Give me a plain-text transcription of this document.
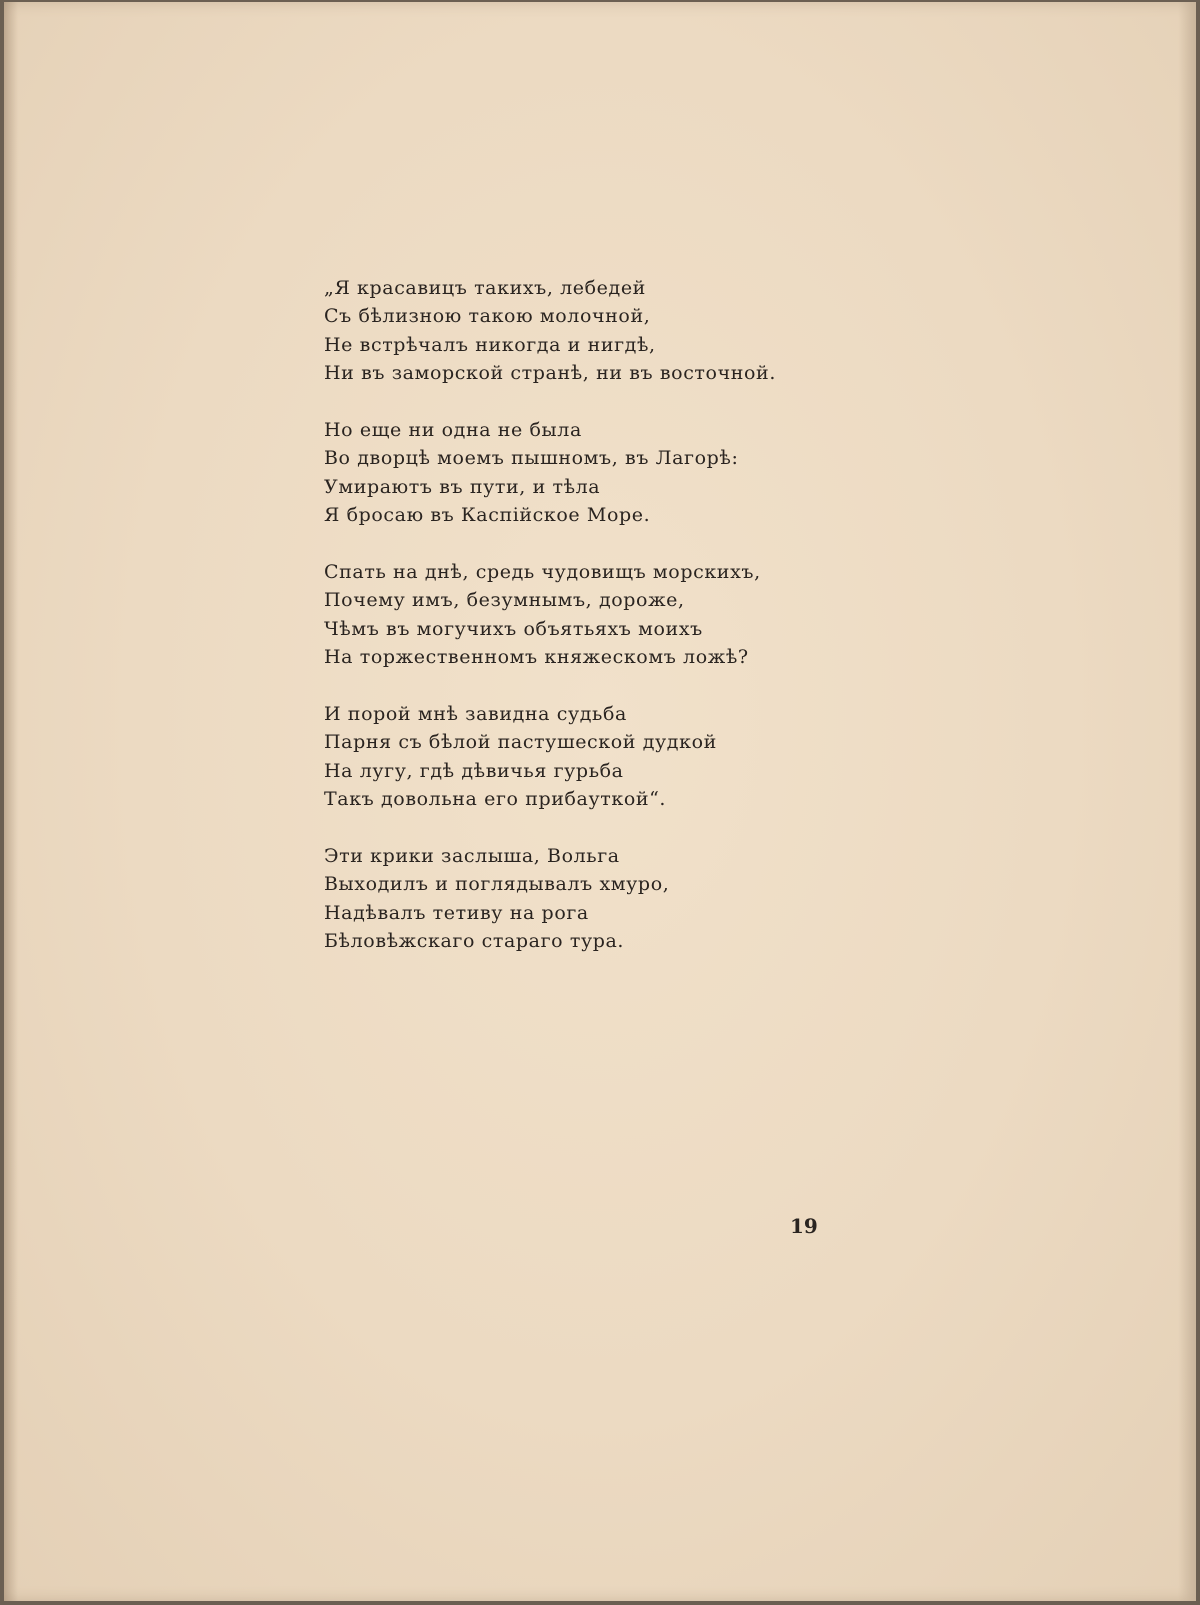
„Я красавицъ такихъ, лебедей
Съ бѣлизною такою молочной,
Не встрѣчалъ никогда и нигдѣ,
Ни въ заморской странѣ, ни въ восточной.
Но еще ни одна не была
Во дворцѣ моемъ пышномъ, въ Лагорѣ:
Умираютъ въ пути, и тѣла
Я бросаю въ Каспійское Море.
Спать на днѣ, средь чудовищъ морскихъ,
Почему имъ, безумнымъ, дороже,
Чѣмъ въ могучихъ объятьяхъ моихъ
На торжественномъ княжескомъ ложѣ?
И порой мнѣ завидна судьба
Парня съ бѣлой пастушеской дудкой
На лугу, гдѣ дѣвичья гурьба
Такъ довольна его прибауткой“.
Эти крики заслыша, Вольга
Выходилъ и поглядывалъ хмуро,
Надѣвалъ тетиву на рога
Бѣловѣжскаго стараго тура.
19
